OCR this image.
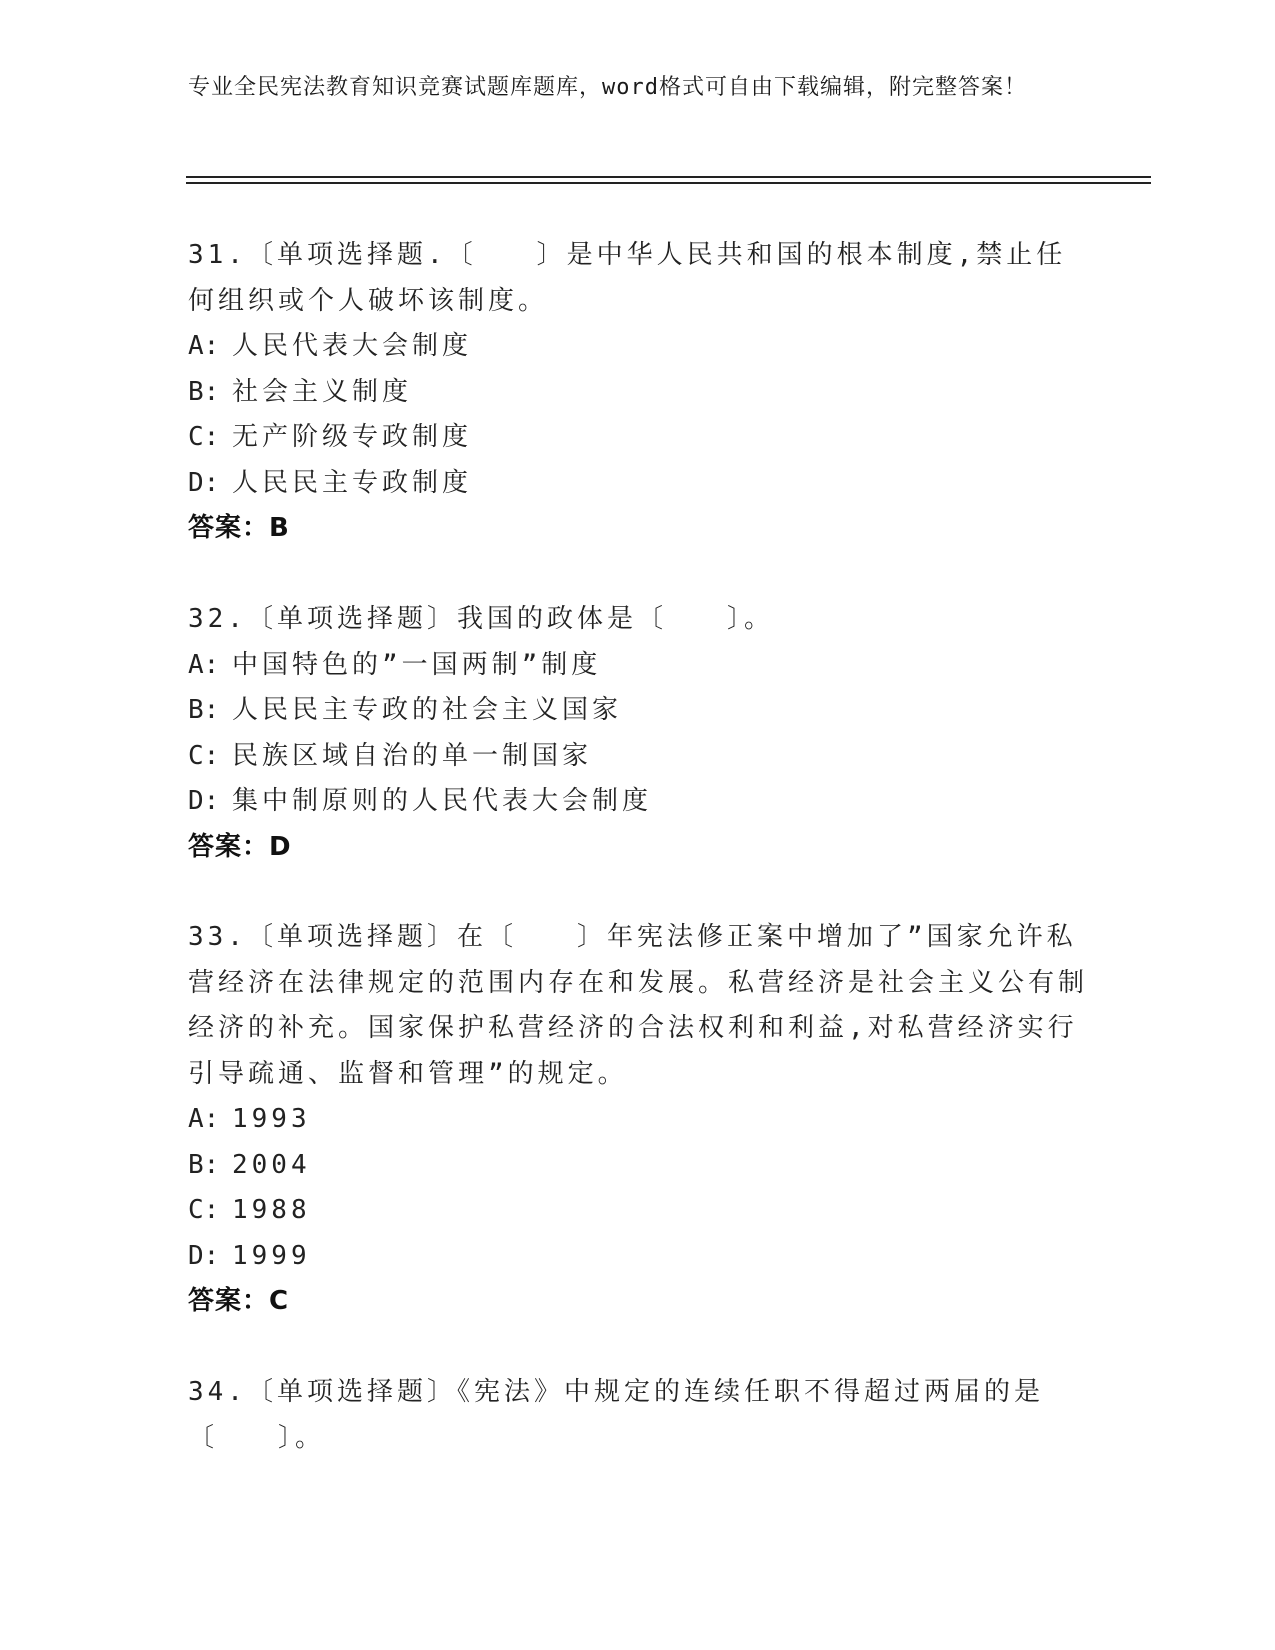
专业全民宪法教育知识竞赛试题库题库，word格式可自由下载编辑，附完整答案！

31.〔单项选择题.〔　　〕是中华人民共和国的根本制度,禁止任何组织或个人破坏该制度。

A: 人民代表大会制度
B: 社会主义制度
C: 无产阶级专政制度
D: 人民民主专政制度
答案：B

32.〔单项选择题〕我国的政体是〔　　〕。

A: 中国特色的”一国两制”制度
B: 人民民主专政的社会主义国家
C: 民族区域自治的单一制国家
D: 集中制原则的人民代表大会制度
答案：D

33.〔单项选择题〕在〔　　〕年宪法修正案中增加了”国家允许私营经济在法律规定的范围内存在和发展。私营经济是社会主义公有制经济的补充。国家保护私营经济的合法权利和利益,对私营经济实行引导疏通、监督和管理”的规定。

A: 1993
B: 2004
C: 1988
D: 1999
答案：C

34.〔单项选择题〕《宪法》中规定的连续任职不得超过两届的是〔　　〕。
